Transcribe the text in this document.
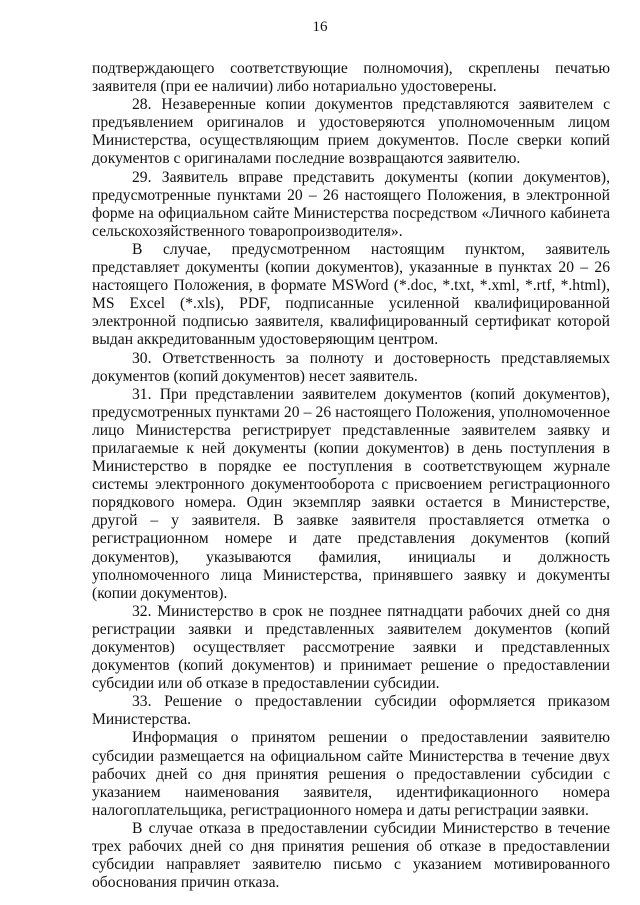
16

подтверждающего соответствующие полномочия), скреплены печатью заявителя (при ее наличии) либо нотариально удостоверены.

28. Незаверенные копии документов представляются заявителем с предъявлением оригиналов и удостоверяются уполномоченным лицом Министерства, осуществляющим прием документов. После сверки копий документов с оригиналами последние возвращаются заявителю.

29. Заявитель вправе представить документы (копии документов), предусмотренные пунктами 20 – 26 настоящего Положения, в электронной форме на официальном сайте Министерства посредством «Личного кабинета сельскохозяйственного товаропроизводителя».

В случае, предусмотренном настоящим пунктом, заявитель представляет документы (копии документов), указанные в пунктах 20 – 26 настоящего Положения, в формате MSWord (*.doc, *.txt, *.xml, *.rtf, *.html), MS Excel (*.xls), PDF, подписанные усиленной квалифицированной электронной подписью заявителя, квалифицированный сертификат которой выдан аккредитованным удостоверяющим центром.

30. Ответственность за полноту и достоверность представляемых документов (копий документов) несет заявитель.

31. При представлении заявителем документов (копий документов), предусмотренных пунктами 20 – 26 настоящего Положения, уполномоченное лицо Министерства регистрирует представленные заявителем заявку и прилагаемые к ней документы (копии документов) в день поступления в Министерство в порядке ее поступления в соответствующем журнале системы электронного документооборота с присвоением регистрационного порядкового номера. Один экземпляр заявки остается в Министерстве, другой – у заявителя. В заявке заявителя проставляется отметка о регистрационном номере и дате представления документов (копий документов), указываются фамилия, инициалы и должность уполномоченного лица Министерства, принявшего заявку и документы (копии документов).

32. Министерство в срок не позднее пятнадцати рабочих дней со дня регистрации заявки и представленных заявителем документов (копий документов) осуществляет рассмотрение заявки и представленных документов (копий документов) и принимает решение о предоставлении субсидии или об отказе в предоставлении субсидии.

33. Решение о предоставлении субсидии оформляется приказом Министерства.

Информация о принятом решении о предоставлении заявителю субсидии размещается на официальном сайте Министерства в течение двух рабочих дней со дня принятия решения о предоставлении субсидии с указанием наименования заявителя, идентификационного номера налогоплательщика, регистрационного номера и даты регистрации заявки.

В случае отказа в предоставлении субсидии Министерство в течение трех рабочих дней со дня принятия решения об отказе в предоставлении субсидии направляет заявителю письмо с указанием мотивированного обоснования причин отказа.
